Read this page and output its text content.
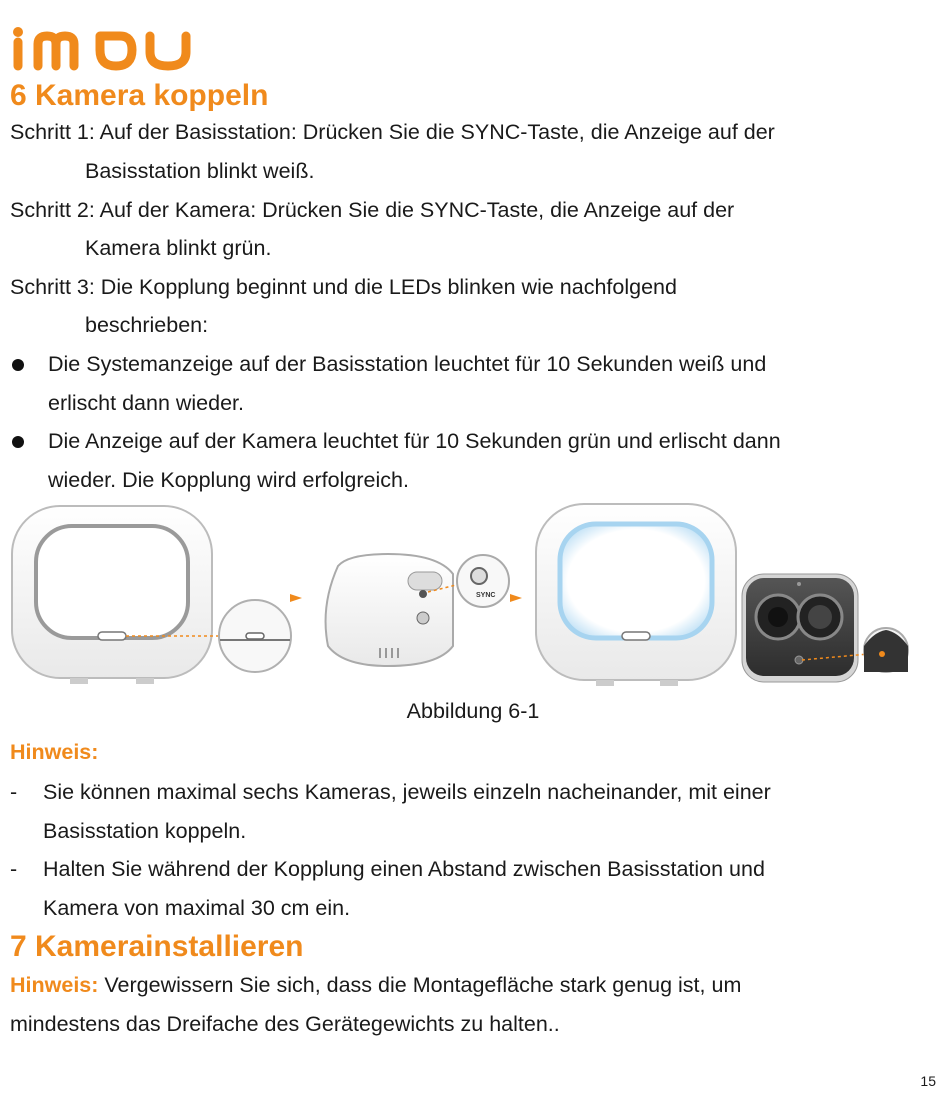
6 Kamera koppeln

Schritt 1: Auf der Basisstation: Drücken Sie die SYNC-Taste, die Anzeige auf der

Basisstation blinkt weiß.

Schritt 2: Auf der Kamera: Drücken Sie die SYNC-Taste, die Anzeige auf der

Kamera blinkt grün.

Schritt 3: Die Kopplung beginnt und die LEDs blinken wie nachfolgend

beschrieben:

Die Systemanzeige auf der Basisstation leuchtet für 10 Sekunden weiß und

erlischt dann wieder.

Die Anzeige auf der Kamera leuchtet für 10 Sekunden grün und erlischt dann

wieder. Die Kopplung wird erfolgreich.

SYNC

Abbildung 6-1

Hinweis:

- Sie können maximal sechs Kameras, jeweils einzeln nacheinander, mit einer

Basisstation koppeln.

- Halten Sie während der Kopplung einen Abstand zwischen Basisstation und

Kamera von maximal 30 cm ein.

7 Kamerainstallieren

Hinweis: Vergewissern Sie sich, dass die Montagefläche stark genug ist, um

mindestens das Dreifache des Gerätegewichts zu halten..

15
